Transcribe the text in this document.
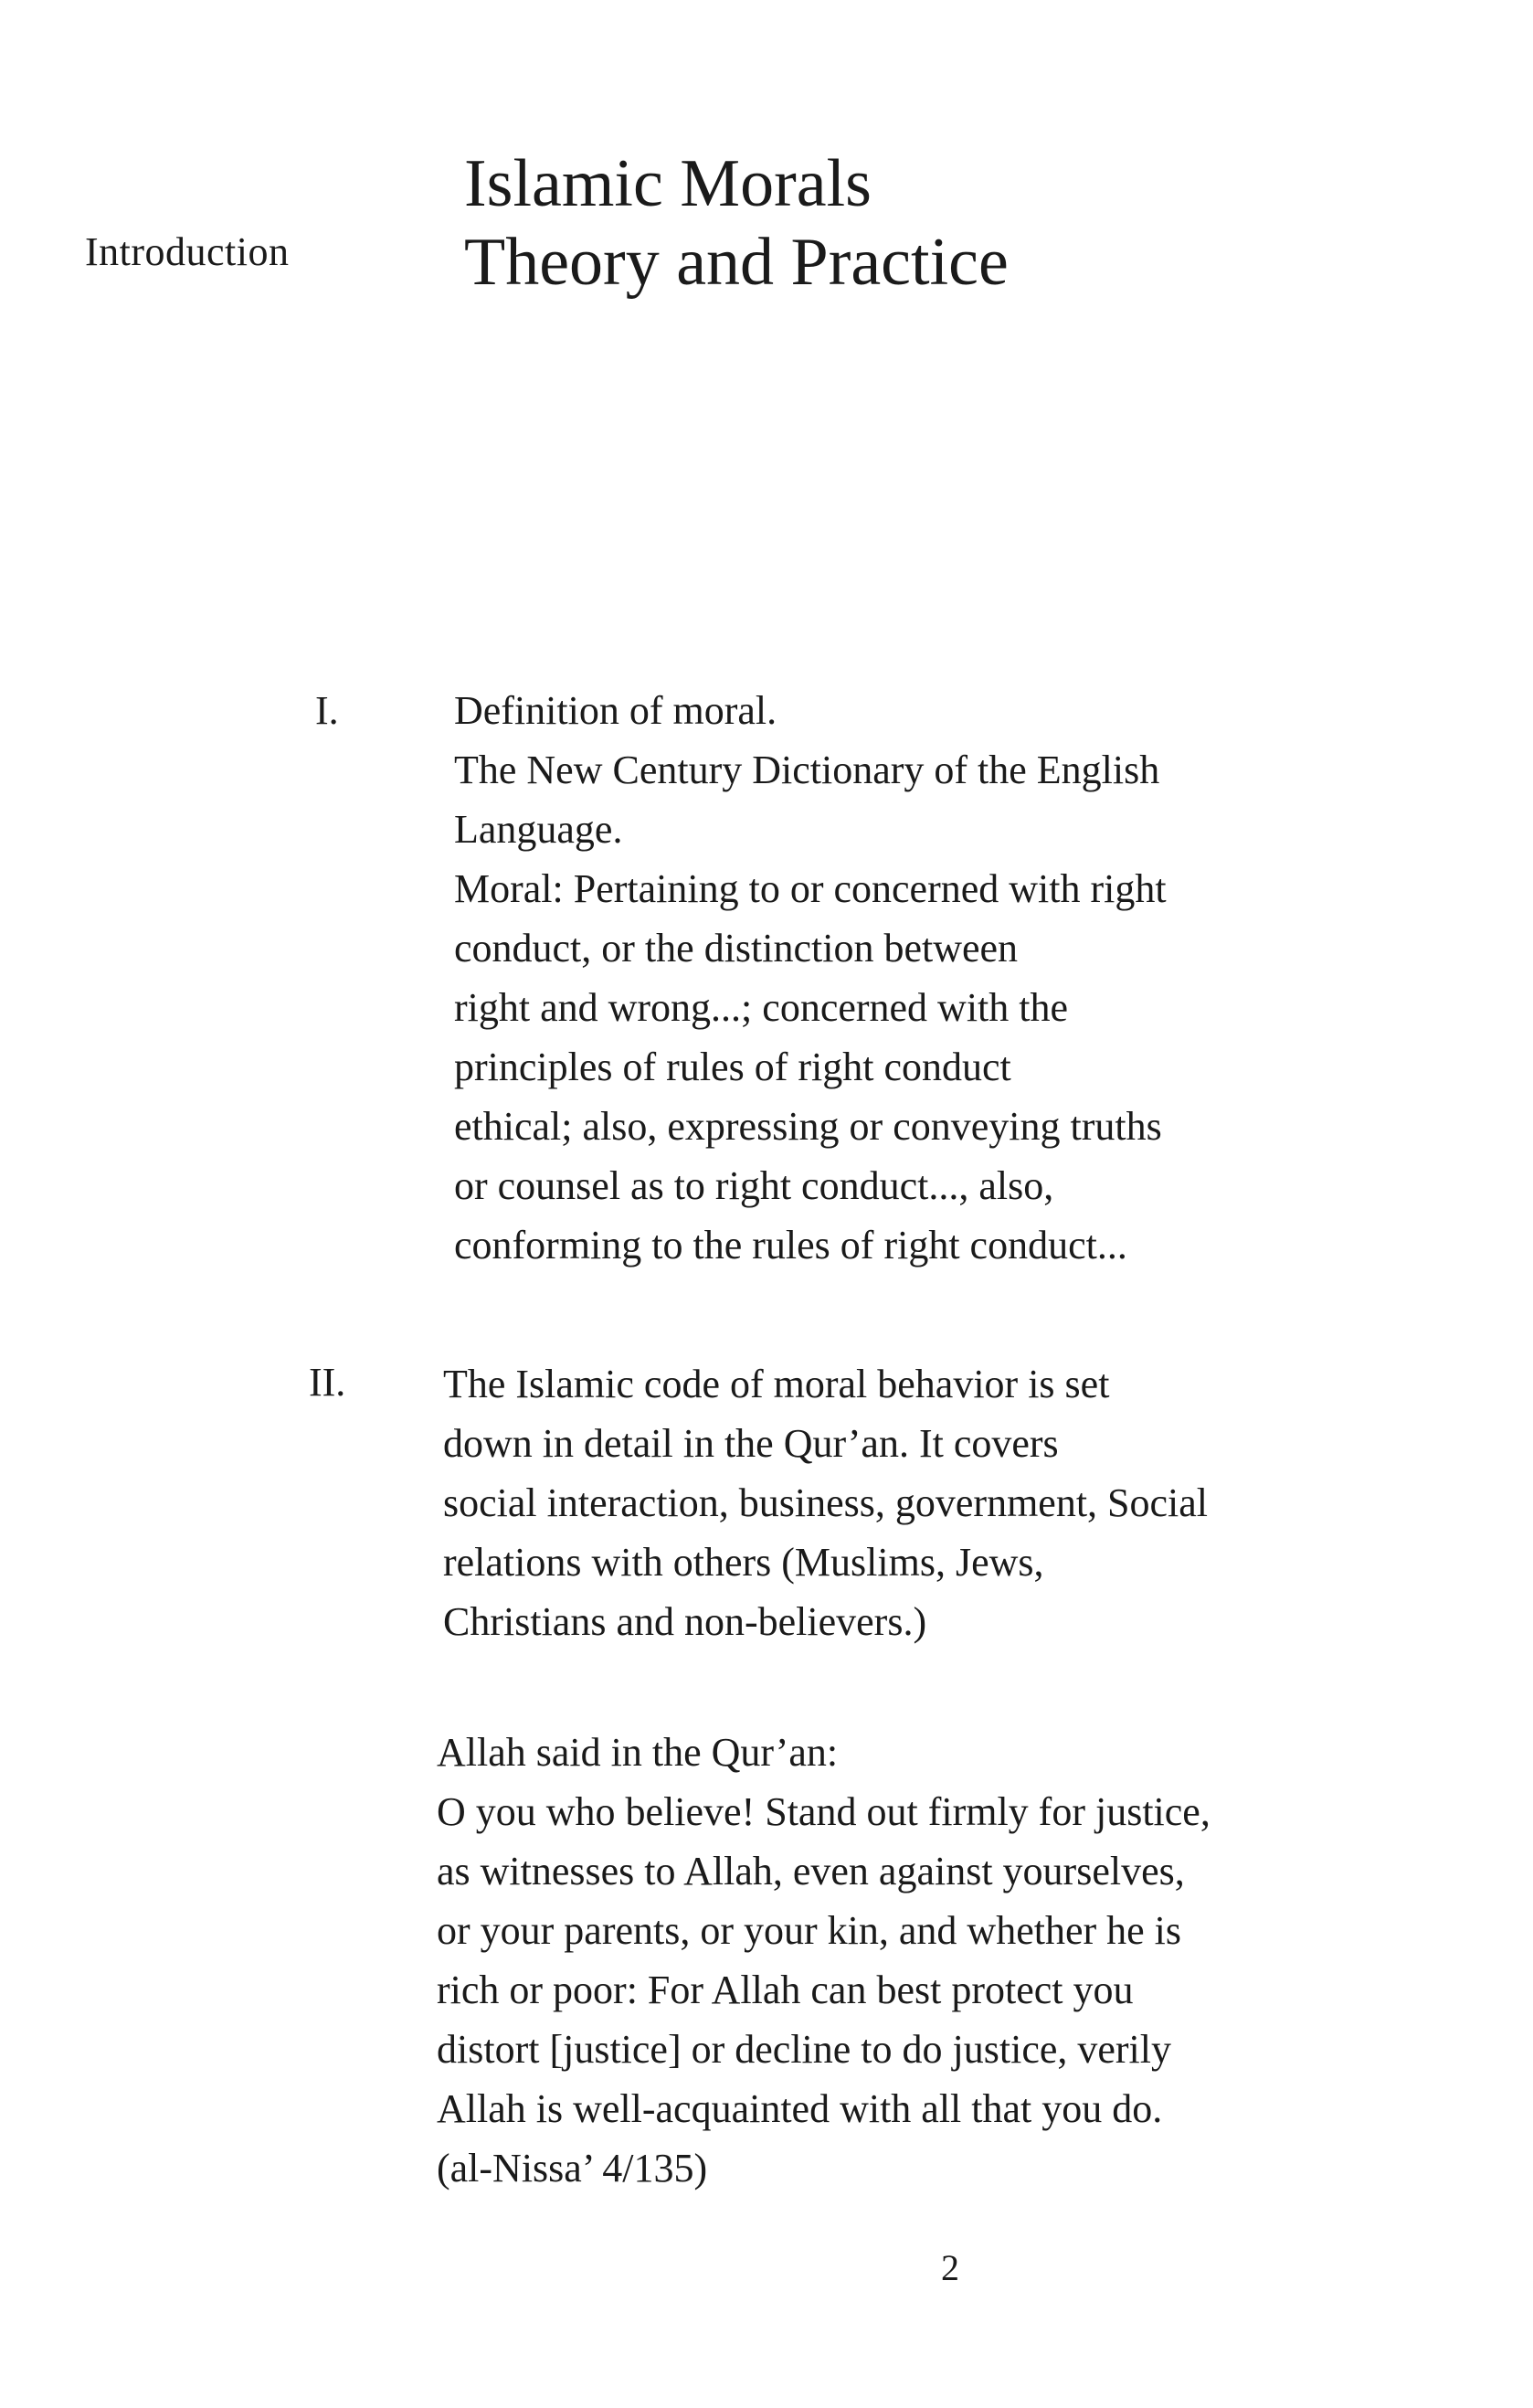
Introduction
Islamic Morals
Theory and Practice
I.	Definition of moral.
The New Century Dictionary of the English
Language.
Moral: Pertaining to or concerned with right
conduct, or the distinction between
right and wrong...; concerned with the
principles of rules of right conduct
ethical; also, expressing or conveying truths
or counsel as to right conduct..., also,
conforming to the rules of right conduct...
II. The Islamic code of moral behavior is set
down in detail in the Qur’an. It covers
social interaction, business, government, Social
relations with others (Muslims, Jews,
Christians and non-believers.)
Allah said in the Qur’an:
O you who believe! Stand out firmly for justice,
as witnesses to Allah, even against yourselves,
or your parents, or your kin, and whether he is
rich or poor: For Allah can best protect you
distort [justice] or decline to do justice, verily
Allah is well-acquainted with all that you do.
(al-Nissa’ 4/135)
2
